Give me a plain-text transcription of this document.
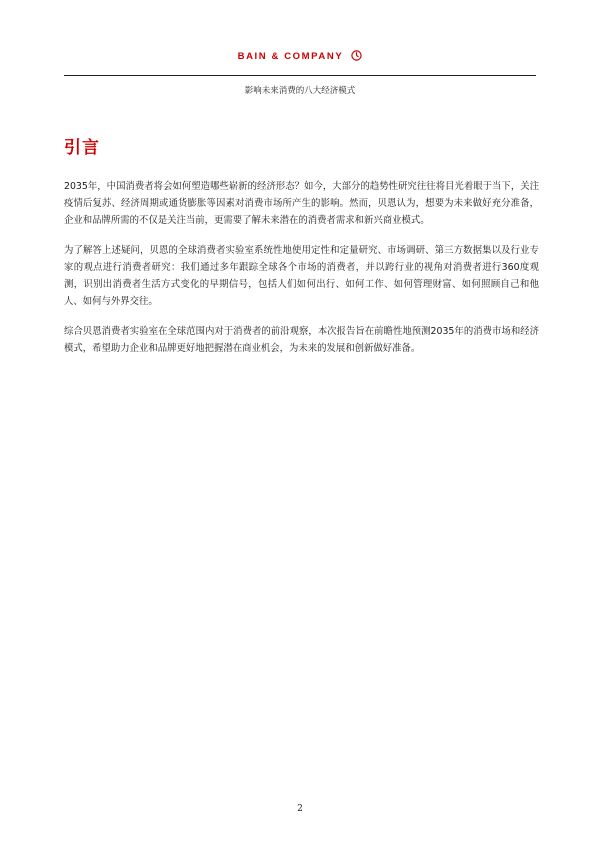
BAIN & COMPANY
影响未来消费的八大经济模式
引言

2035年，中国消费者将会如何塑造哪些崭新的经济形态？如今，大部分的趋势性研究往往将目光着眼于当下，关注疫情后复苏、经济周期或通货膨胀等因素对消费市场所产生的影响。然而，贝恩认为，想要为未来做好充分准备，企业和品牌所需的不仅是关注当前，更需要了解未来潜在的消费者需求和新兴商业模式。

为了解答上述疑问，贝恩的全球消费者实验室系统性地使用定性和定量研究、市场调研、第三方数据集以及行业专家的观点进行消费者研究：我们通过多年跟踪全球各个市场的消费者，并以跨行业的视角对消费者进行360度观测，识别出消费者生活方式变化的早期信号，包括人们如何出行、如何工作、如何管理财富、如何照顾自己和他人、如何与外界交往。

综合贝恩消费者实验室在全球范围内对于消费者的前沿观察，本次报告旨在前瞻性地预测2035年的消费市场和经济模式，希望助力企业和品牌更好地把握潜在商业机会，为未来的发展和创新做好准备。

2
